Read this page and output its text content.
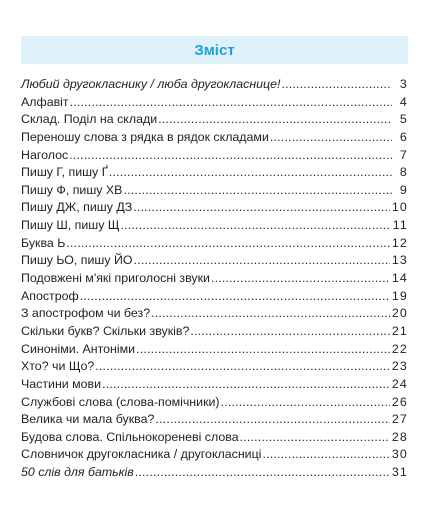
Зміст
Любий другокласнику / люба другокласнице! .....	3
Алфавіт .....	4
Склад. Поділ на склади .....	5
Переношу слова з рядка в рядок складами .....	6
Наголос .....	7
Пишу Г, пишу Ґ .....	8
Пишу Ф, пишу ХВ .....	9
Пишу ДЖ, пишу ДЗ .....	10
Пишу Ш, пишу Щ .....	11
Буква Ь .....	12
Пишу ЬО, пишу ЙО .....	13
Подовжені м'які приголосні звуки .....	14
Апостроф .....	19
З апострофом чи без? .....	20
Скільки букв? Скільки звуків? .....	21
Синоніми. Антоніми .....	22
Хто? чи Що? .....	23
Частини мови .....	24
Службові слова (слова-помічники) .....	26
Велика чи мала буква? .....	27
Будова слова. Спільнокореневі слова .....	28
Словничок другокласника / другокласниці .....	30
50 слів для батьків .....	31
